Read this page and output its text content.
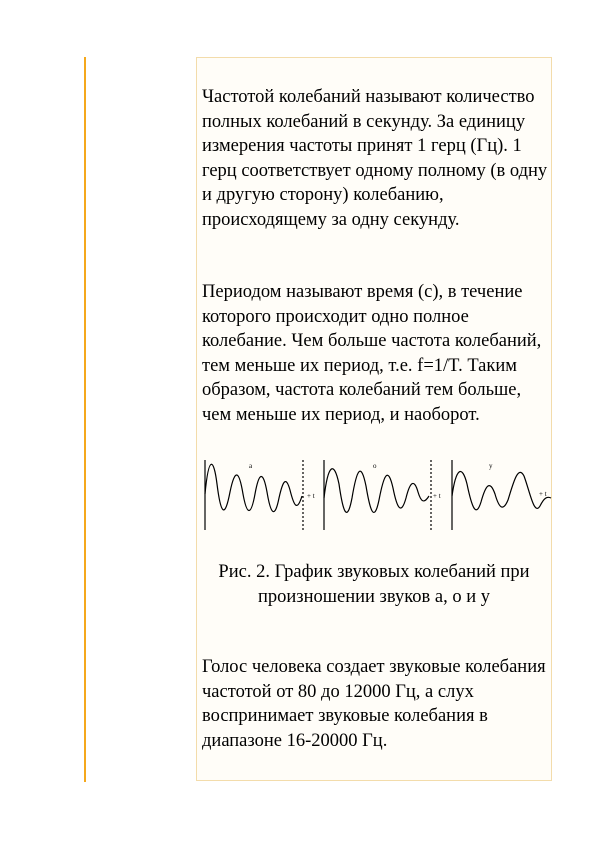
Частотой колебаний называют количество полных колебаний в секунду. За единицу измерения частоты принят 1 герц (Гц). 1 герц соответствует одному полному (в одну и другую сторону) колебанию, происходящему за одну секунду.

Периодом называют время (с), в течение которого происходит одно полное колебание. Чем больше частота колебаний, тем меньше их период, т.е. f=1/T. Таким образом, частота колебаний тем больше, чем меньше их период, и наоборот.

a	o	y
+ t	+ t	+ t

Рис. 2. График звуковых колебаний при
произношении звуков а, о и у

Голос человека создает звуковые колебания частотой от 80 до 12000 Гц, а слух воспринимает звуковые колебания в диапазоне 16-20000 Гц.
